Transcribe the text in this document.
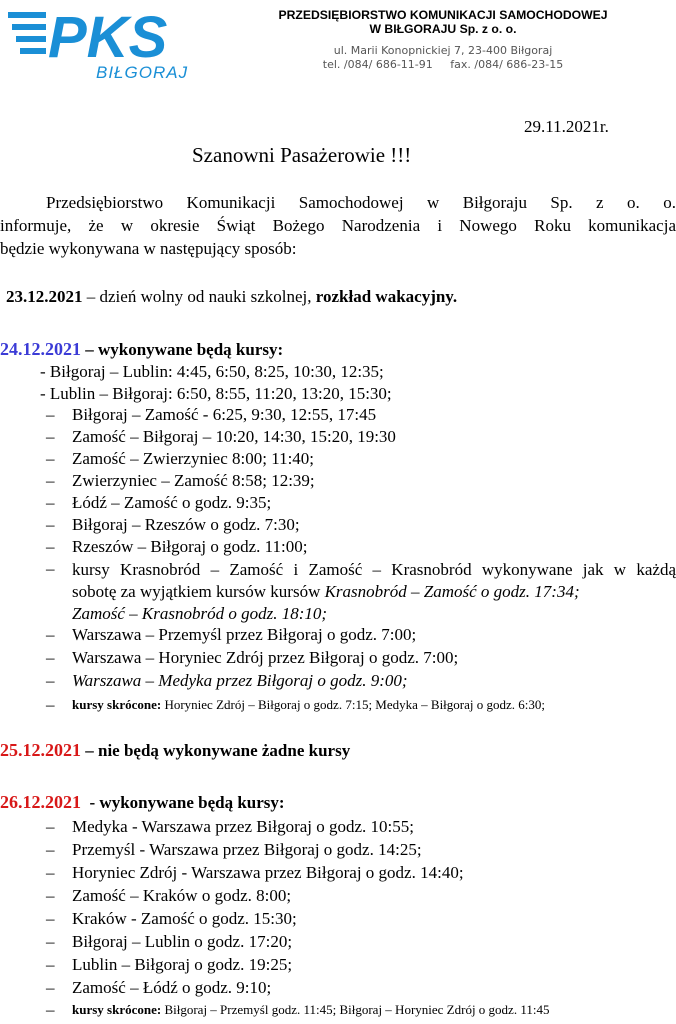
PKS
BIŁGORAJ
PRZEDSIĘBIORSTWO KOMUNIKACJI SAMOCHODOWEJ
W BIŁGORAJU Sp. z o. o.
ul. Marii Konopnickiej 7, 23-400 Biłgoraj
tel. /084/ 686-11-91 fax. /084/ 686-23-15
29.11.2021r.
Szanowni Pasażerowie !!!
Przedsiębiorstwo Komunikacji Samochodowej w Biłgoraju Sp. z o. o.
informuje, że w okresie Świąt Bożego Narodzenia i Nowego Roku komunikacja
będzie wykonywana w następujący sposób:
23.12.2021 – dzień wolny od nauki szkolnej, rozkład wakacyjny.
24.12.2021 – wykonywane będą kursy:
- Biłgoraj – Lublin: 4:45, 6:50, 8:25, 10:30, 12:35;
- Lublin – Biłgoraj: 6:50, 8:55, 11:20, 13:20, 15:30;
– Biłgoraj – Zamość - 6:25, 9:30, 12:55, 17:45
– Zamość – Biłgoraj – 10:20, 14:30, 15:20, 19:30
– Zamość – Zwierzyniec 8:00; 11:40;
– Zwierzyniec – Zamość 8:58; 12:39;
– Łódź – Zamość o godz. 9:35;
– Biłgoraj – Rzeszów o godz. 7:30;
– Rzeszów – Biłgoraj o godz. 11:00;
– kursy Krasnobród – Zamość i Zamość – Krasnobród wykonywane jak w każdą
sobotę za wyjątkiem kursów kursów Krasnobród – Zamość o godz. 17:34;
Zamość – Krasnobród o godz. 18:10;
– Warszawa – Przemyśl przez Biłgoraj o godz. 7:00;
– Warszawa – Horyniec Zdrój przez Biłgoraj o godz. 7:00;
– Warszawa – Medyka przez Biłgoraj o godz. 9:00;
– kursy skrócone: Horyniec Zdrój – Biłgoraj o godz. 7:15; Medyka – Biłgoraj o godz. 6:30;
25.12.2021 – nie będą wykonywane żadne kursy
26.12.2021  - wykonywane będą kursy:
– Medyka - Warszawa przez Biłgoraj o godz. 10:55;
– Przemyśl - Warszawa przez Biłgoraj o godz. 14:25;
– Horyniec Zdrój - Warszawa przez Biłgoraj o godz. 14:40;
– Zamość – Kraków o godz. 8:00;
– Kraków - Zamość o godz. 15:30;
– Biłgoraj – Lublin o godz. 17:20;
– Lublin – Biłgoraj o godz. 19:25;
– Zamość – Łódź o godz. 9:10;
– kursy skrócone: Biłgoraj – Przemyśl godz. 11:45; Biłgoraj – Horyniec Zdrój o godz. 11:45
